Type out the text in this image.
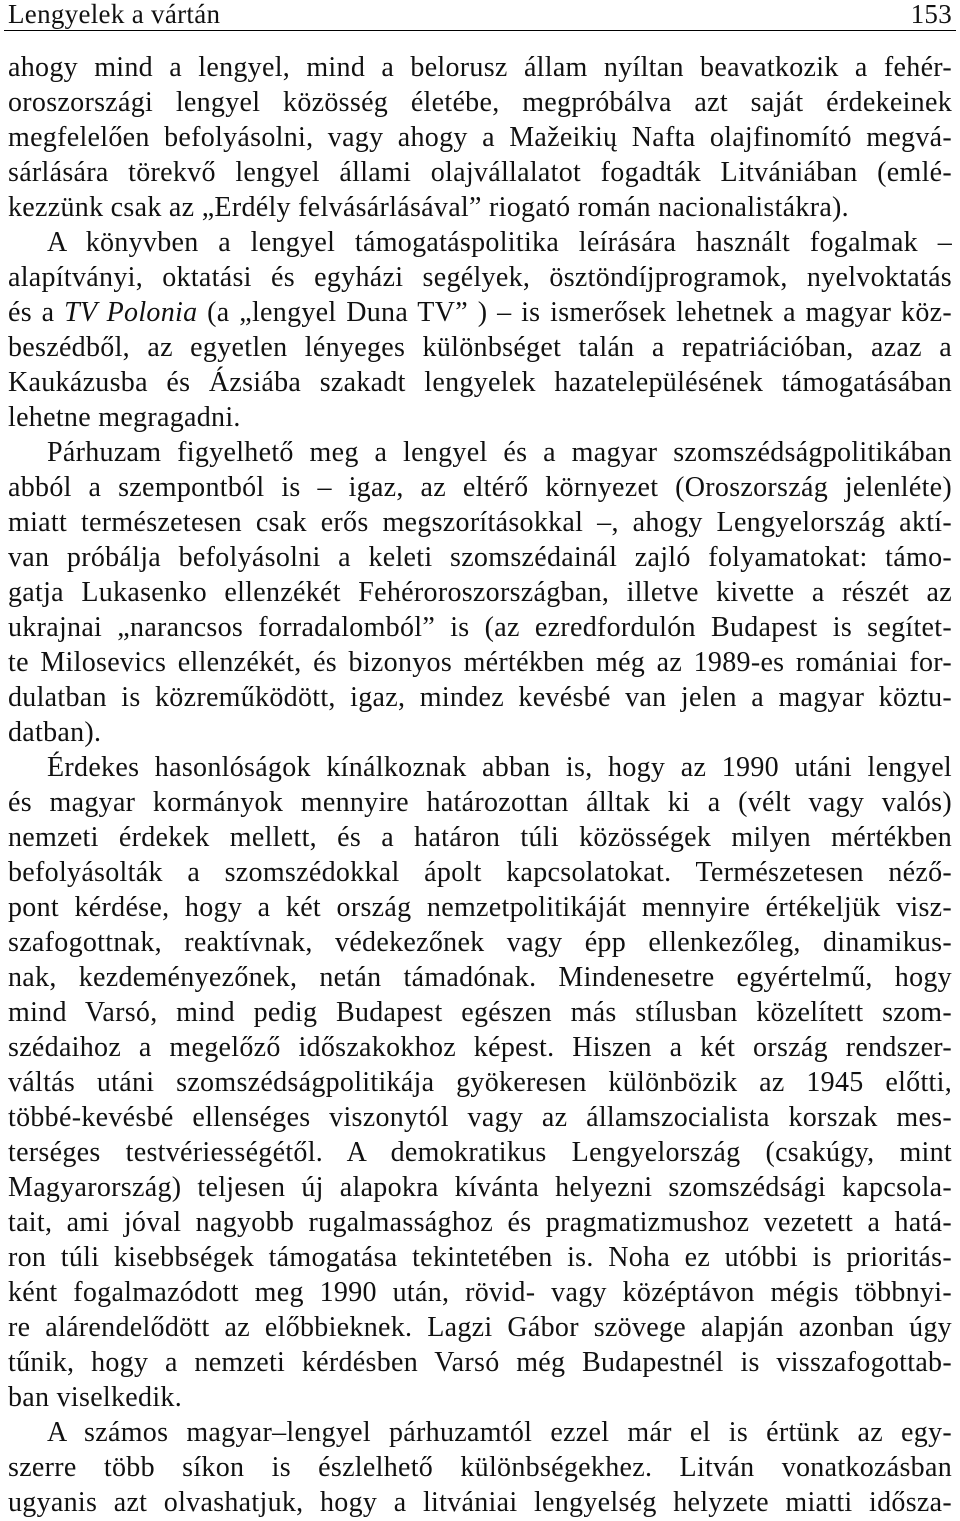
Lengyelek a vártán	153
ahogy mind a lengyel, mind a belorusz állam nyíltan beavatkozik a fehér-
oroszországi lengyel közösség életébe, megpróbálva azt saját érdekeinek
megfelelően befolyásolni, vagy ahogy a Mažeikių Nafta olajfinomító megvá-
sárlására törekvő lengyel állami olajvállalatot fogadták Litvániában (emlé-
kezzünk csak az „Erdély felvásárlásával” riogató román nacionalistákra).
A könyvben a lengyel támogatáspolitika leírására használt fogalmak –
alapítványi, oktatási és egyházi segélyek, ösztöndíjprogramok, nyelvoktatás
és a TV Polonia (a „lengyel Duna TV” ) – is ismerősek lehetnek a magyar köz-
beszédből, az egyetlen lényeges különbséget talán a repatriációban, azaz a
Kaukázusba és Ázsiába szakadt lengyelek hazatelepülésének támogatásában
lehetne megragadni.
Párhuzam figyelhető meg a lengyel és a magyar szomszédságpolitikában
abból a szempontból is – igaz, az eltérő környezet (Oroszország jelenléte)
miatt természetesen csak erős megszorításokkal –, ahogy Lengyelország aktí-
van próbálja befolyásolni a keleti szomszédainál zajló folyamatokat: támo-
gatja Lukasenko ellenzékét Fehéroroszországban, illetve kivette a részét az
ukrajnai „narancsos forradalomból” is (az ezredfordulón Budapest is segítet-
te Milosevics ellenzékét, és bizonyos mértékben még az 1989-es romániai for-
dulatban is közreműködött, igaz, mindez kevésbé van jelen a magyar köztu-
datban).
Érdekes hasonlóságok kínálkoznak abban is, hogy az 1990 utáni lengyel
és magyar kormányok mennyire határozottan álltak ki a (vélt vagy valós)
nemzeti érdekek mellett, és a határon túli közösségek milyen mértékben
befolyásolták a szomszédokkal ápolt kapcsolatokat. Természetesen néző-
pont kérdése, hogy a két ország nemzetpolitikáját mennyire értékeljük visz-
szafogottnak, reaktívnak, védekezőnek vagy épp ellenkezőleg, dinamikus-
nak, kezdeményezőnek, netán támadónak. Mindenesetre egyértelmű, hogy
mind Varsó, mind pedig Budapest egészen más stílusban közelített szom-
szédaihoz a megelőző időszakokhoz képest. Hiszen a két ország rendszer-
váltás utáni szomszédságpolitikája gyökeresen különbözik az 1945 előtti,
többé-kevésbé ellenséges viszonytól vagy az államszocialista korszak mes-
terséges testvériességétől. A demokratikus Lengyelország (csakúgy, mint
Magyarország) teljesen új alapokra kívánta helyezni szomszédsági kapcsola-
tait, ami jóval nagyobb rugalmassághoz és pragmatizmushoz vezetett a hatá-
ron túli kisebbségek támogatása tekintetében is. Noha ez utóbbi is prioritás-
ként fogalmazódott meg 1990 után, rövid- vagy középtávon mégis többnyi-
re alárendelődött az előbbieknek. Lagzi Gábor szövege alapján azonban úgy
tűnik, hogy a nemzeti kérdésben Varsó még Budapestnél is visszafogottab-
ban viselkedik.
A számos magyar–lengyel párhuzamtól ezzel már el is értünk az egy-
szerre több síkon is észlelhető különbségekhez. Litván vonatkozásban
ugyanis azt olvashatjuk, hogy a litvániai lengyelség helyzete miatti idősza-
